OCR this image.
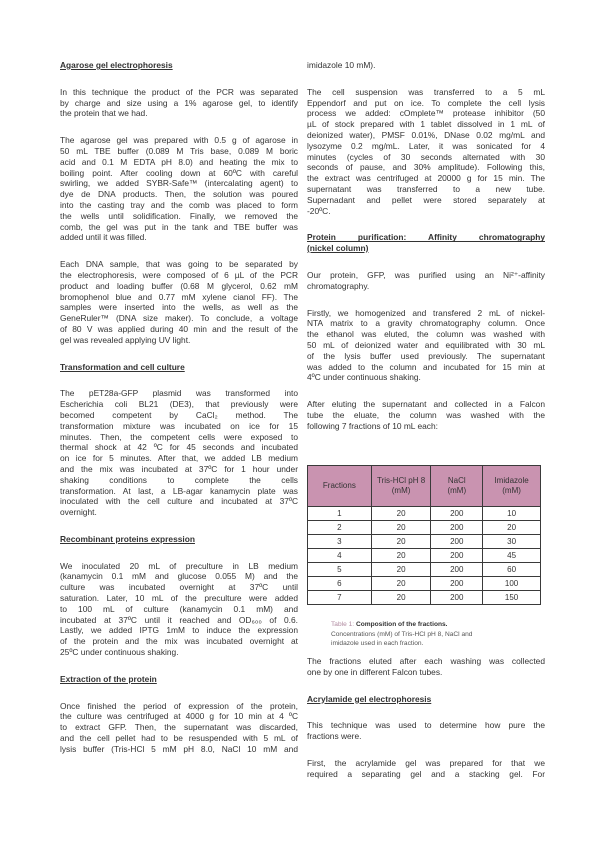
Agarose gel electrophoresis
In this technique the product of the PCR was separated
by charge and size using a 1% agarose gel, to identify
the protein that we had.
The agarose gel was prepared with 0.5 g of agarose in
50 mL TBE buffer (0.089 M Tris base, 0.089 M boric
acid and 0.1 M EDTA pH 8.0) and heating the mix to
boiling point. After cooling down at 60ºC with careful
swirling, we added SYBR-Safe™ (intercalating agent) to
dye de DNA products. Then, the solution was poured
into the casting tray and the comb was placed to form
the wells until solidification. Finally, we removed the
comb, the gel was put in the tank and TBE buffer was
added until it was filled.
Each DNA sample, that was going to be separated by
the electrophoresis, were composed of 6 µL of the PCR
product and loading buffer (0.68 M glycerol, 0.62 mM
bromophenol blue and 0.77 mM xylene cianol FF). The
samples were inserted into the wells, as well as the
GeneRuler™ (DNA size maker). To conclude, a voltage
of 80 V was applied during 40 min and the result of the
gel was revealed applying UV light.
Transformation and cell culture
The pET28a-GFP plasmid was transformed into
Escherichia coli BL21 (DE3), that previously were
becomed competent by CaCl₂ method. The
transformation mixture was incubated on ice for 15
minutes. Then, the competent cells were exposed to
thermal shock at 42 ºC for 45 seconds and incubated
on ice for 5 minutes. After that, we added LB medium
and the mix was incubated at 37ºC for 1 hour under
shaking conditions to complete the cells
transformation. At last, a LB-agar kanamycin plate was
inoculated with the cell culture and incubated at 37ºC
overnight.
Recombinant proteins expression
We inoculated 20 mL of preculture in LB medium
(kanamycin 0.1 mM and glucose 0.055 M) and the
culture was incubated overnight at 37ºC until
saturation. Later, 10 mL of the preculture were added
to 100 mL of culture (kanamycin 0.1 mM) and
incubated at 37ºC until it reached and OD₆₀₀ of 0.6.
Lastly, we added IPTG 1mM to induce the expression
of the protein and the mix was incubated overnight at
25ºC under continuous shaking.
Extraction of the protein
Once finished the period of expression of the protein,
the culture was centrifuged at 4000 g for 10 min at 4 ºC
to extract GFP. Then, the supernatant was discarded,
and the cell pellet had to be resuspended with 5 mL of
lysis buffer (Tris-HCl 5 mM pH 8.0, NaCl 10 mM and
imidazole 10 mM).
The cell suspension was transferred to a 5 mL
Eppendorf and put on ice. To complete the cell lysis
process we added: cOmplete™ protease inhibitor (50
µL of stock prepared with 1 tablet dissolved in 1 mL of
deionized water), PMSF 0.01%, DNase 0.02 mg/mL and
lysozyme 0.2 mg/mL. Later, it was sonicated for 4
minutes (cycles of 30 seconds alternated with 30
seconds of pause, and 30% amplitude). Following this,
the extract was centrifuged at 20000 g for 15 min. The
supernatant was transferred to a new tube.
Supernadant and pellet were stored separately at
-20ºC.
Protein purification: Affinity chromatography
(nickel column)
Our protein, GFP, was purified using an Ni²⁺-affinity
chromatography.
Firstly, we homogenized and transfered 2 mL of nickel-
NTA matrix to a gravity chromatography column. Once
the ethanol was eluted, the column was washed with
50 mL of deionized water and equilibrated with 30 mL
of the lysis buffer used previously. The supernatant
was added to the column and incubated for 15 min at
4ºC under continuous shaking.
After eluting the supernatant and collected in a Falcon
tube the eluate, the column was washed with the
following 7 fractions of 10 mL each:
Fractions	Tris-HCl pH 8
(mM)	NaCl
(mM)	Imidazole
(mM)
1	20	200	10
2	20	200	20
3	20	200	30
4	20	200	45
5	20	200	60
6	20	200	100
7	20	200	150
Table 1: Composition of the fractions.
Concentrations (mM) of Tris-HCl pH 8, NaCl and
imidazole used in each fraction.
The fractions eluted after each washing was collected
one by one in different Falcon tubes.
Acrylamide gel electrophoresis
This technique was used to determine how pure the
fractions were.
First, the acrylamide gel was prepared for that we
required a separating gel and a stacking gel. For
